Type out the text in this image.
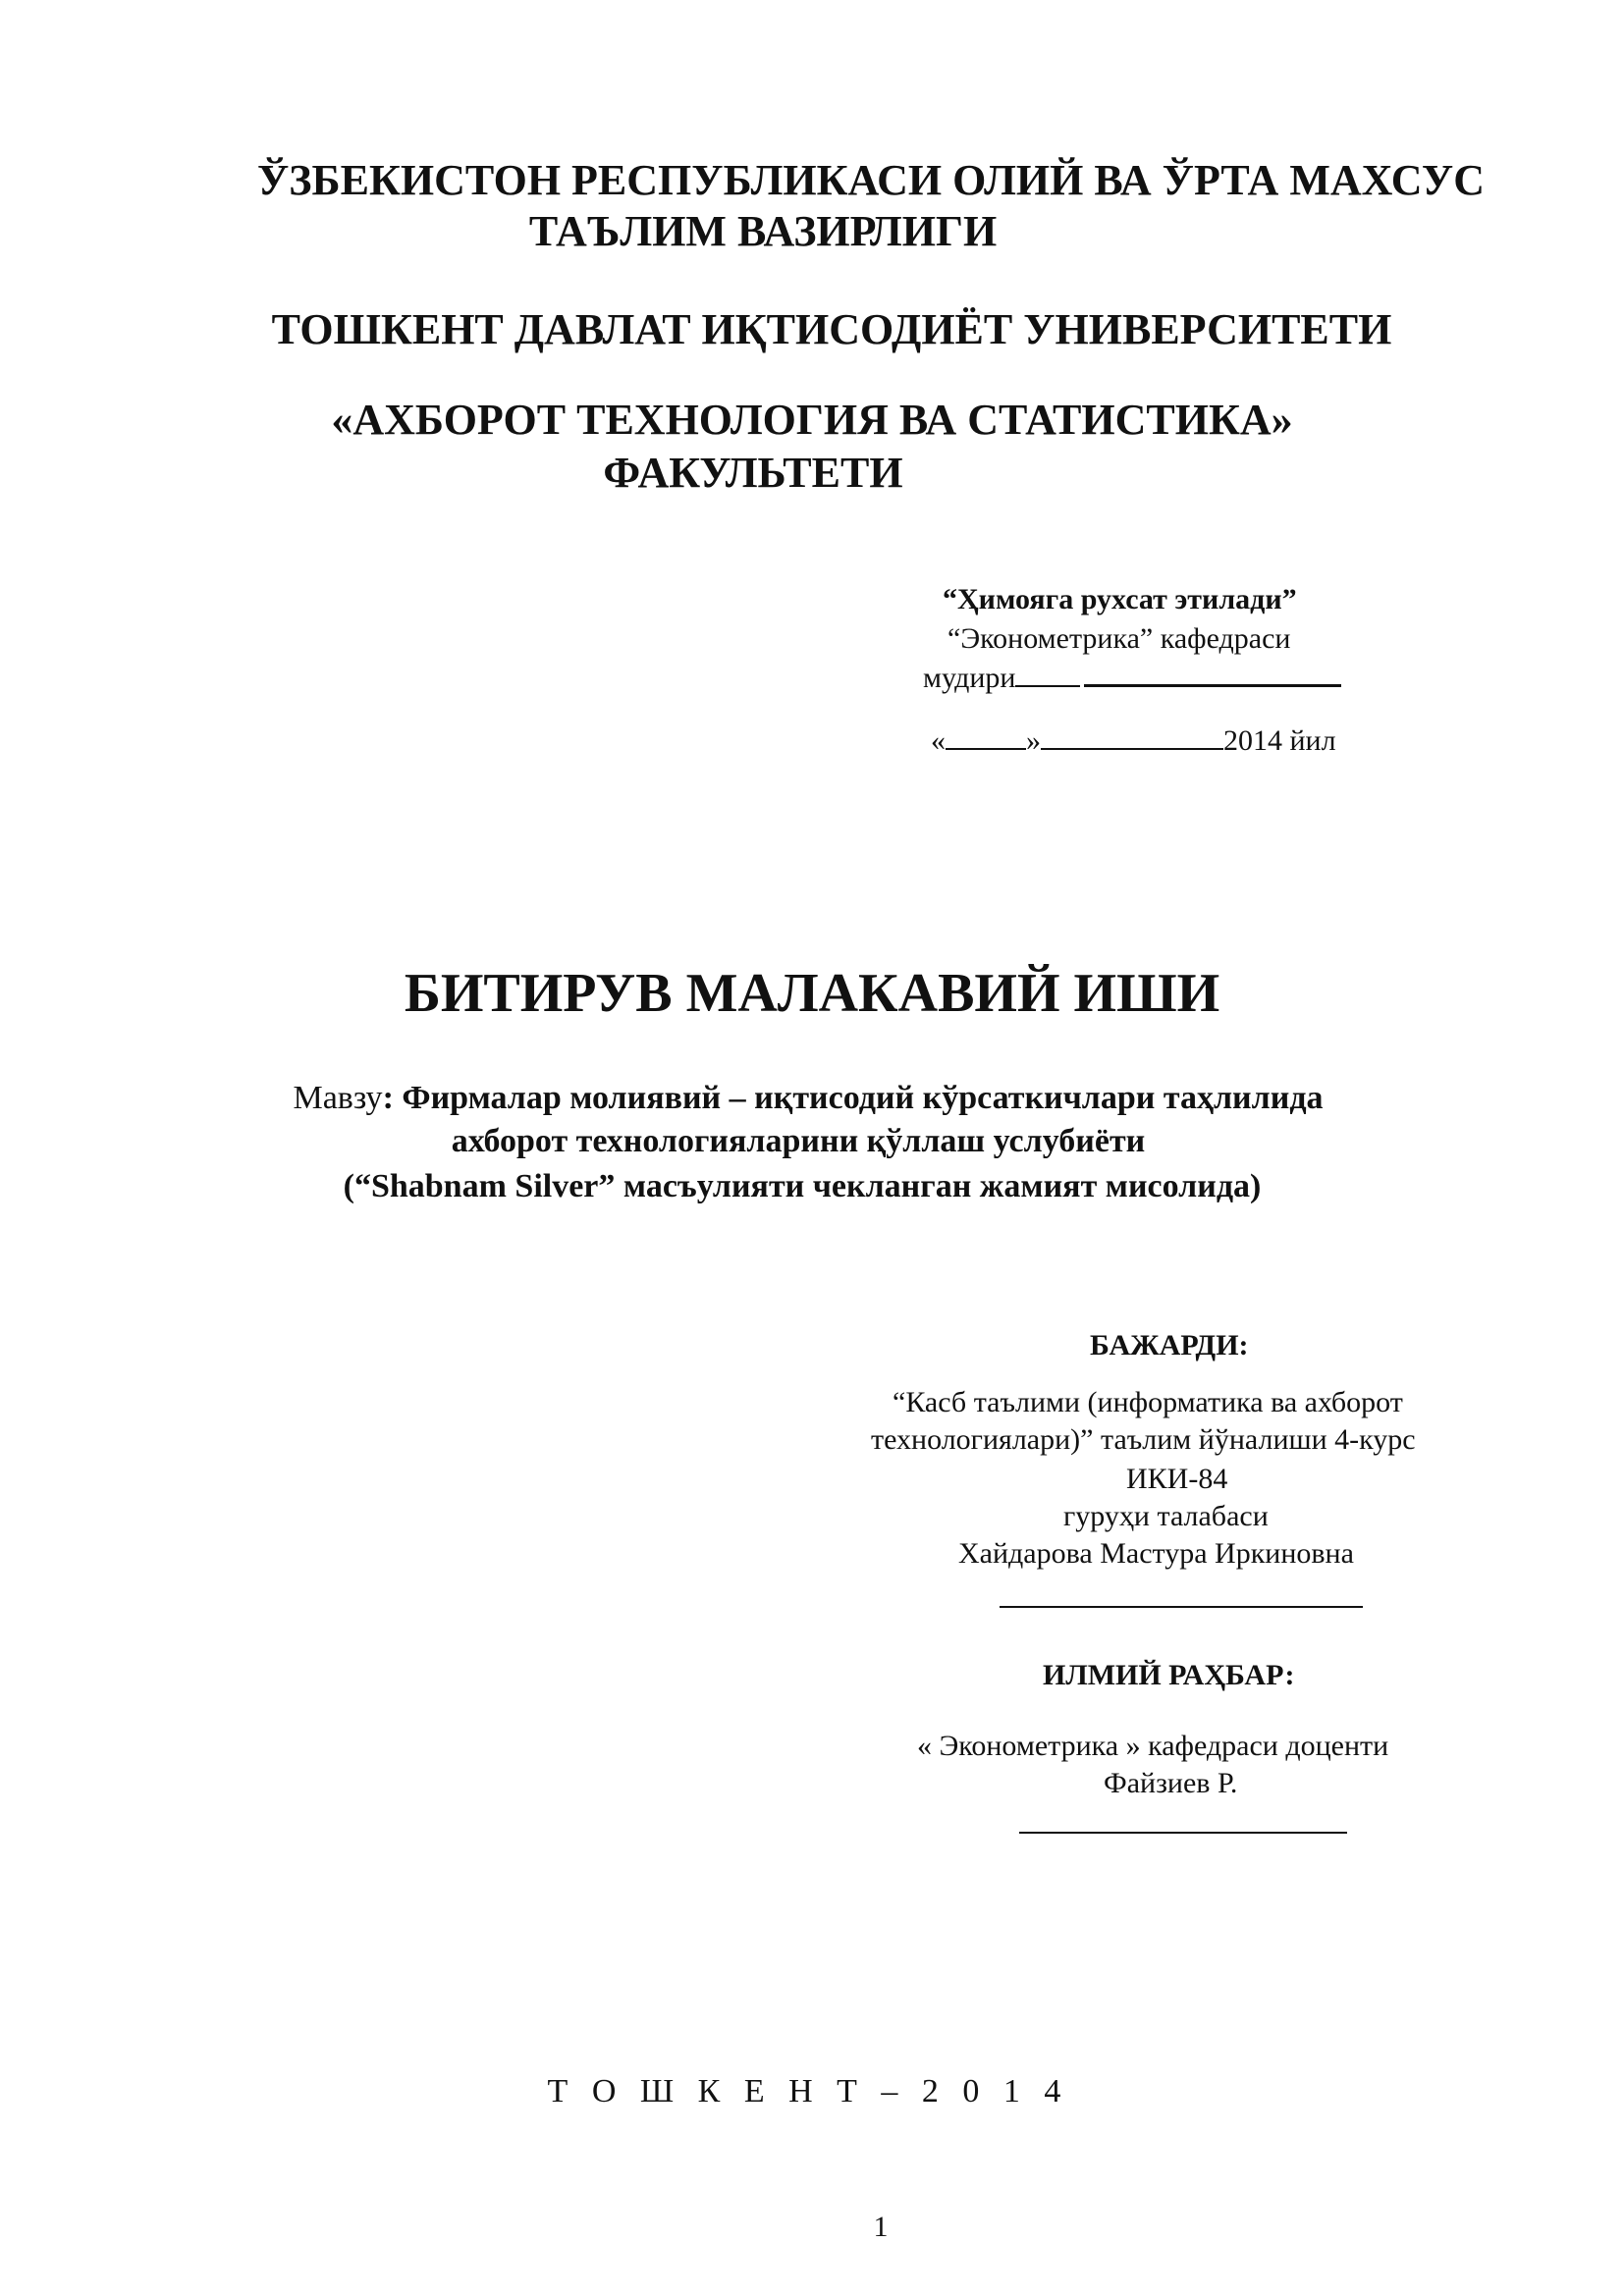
ЎЗБЕКИСТОН РЕСПУБЛИКАСИ ОЛИЙ ВА ЎРТА МАХСУС
ТАЪЛИМ ВАЗИРЛИГИ
ТОШКЕНТ ДАВЛАТ ИҚТИСОДИЁТ УНИВЕРСИТЕТИ
«АХБОРОТ ТЕХНОЛОГИЯ ВА СТАТИСТИКА»
ФАКУЛЬТЕТИ
“Ҳимояга рухсат этилади”
“Эконометрика” кафедраси
мудири
«	»	2014 йил
БИТИРУВ МАЛАКАВИЙ ИШИ
Мавзу: Фирмалар молиявий – иқтисодий кўрсаткичлари таҳлилида
ахборот технологияларини қўллаш услубиёти
(“Shabnam Silver” масъулияти чекланган жамият мисолида)
БАЖАРДИ:
“Касб таълими (информатика ва ахборот
технологиялари)” таълим йўналиши 4-курс
ИКИ-84
гуруҳи талабаси
Хайдарова Мастура Иркиновна
ИЛМИЙ РАҲБАР:
« Эконометрика » кафедраси доценти
Файзиев Р.
Т О Ш К Е Н Т – 2 0 1 4
1
